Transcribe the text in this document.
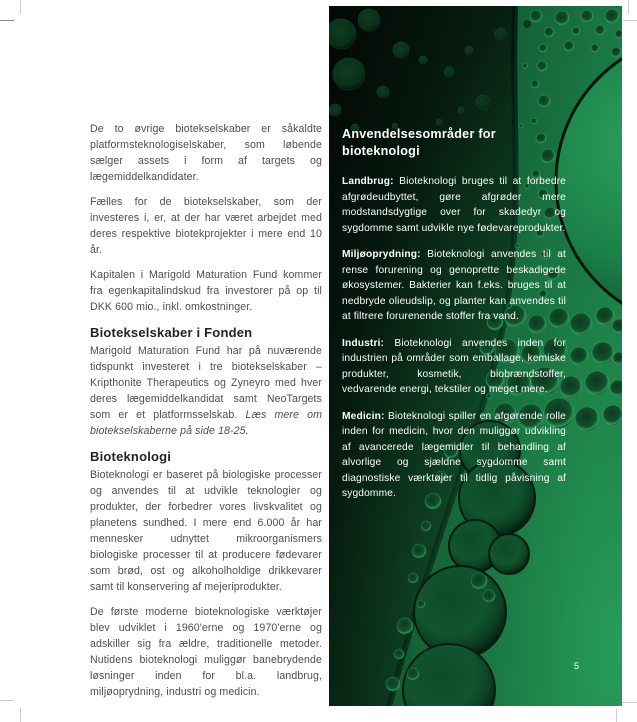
De to øvrige biotekselskaber er såkaldte platformsteknologiselskaber, som løbende sælger assets i form af targets og lægemiddelkandidater.

Fælles for de biotekselskaber, som der investeres i, er, at der har været arbejdet med deres respektive biotekprojekter i mere end 10 år.

Kapitalen i Marigold Maturation Fund kommer fra egenkapitalindskud fra investorer på op til DKK 600 mio., inkl. omkostninger.

Biotekselskaber i Fonden

Marigold Maturation Fund har på nuværende tidspunkt investeret i tre biotekselskaber – Kripthonite Therapeutics og Zyneyro med hver deres lægemiddelkandidat samt NeoTargets som er et platformsselskab. Læs mere om biotekselskaberne på side 18-25.

Bioteknologi

Bioteknologi er baseret på biologiske processer og anvendes til at udvikle teknologier og produkter, der forbedrer vores livskvalitet og planetens sundhed. I mere end 6.000 år har mennesker udnyttet mikroorganismers biologiske processer til at producere fødevarer som brød, ost og alkoholholdige drikkevarer samt til konservering af mejeriprodukter.

De første moderne bioteknologiske værktøjer blev udviklet i 1960'erne og 1970'erne og adskiller sig fra ældre, traditionelle metoder. Nutidens bioteknologi muliggør banebrydende løsninger inden for bl.a. landbrug, miljøoprydning, industri og medicin.

Anvendelsesområder for bioteknologi
Landbrug: Bioteknologi bruges til at forbedre afgrødeudbyttet, gøre afgrøder mere modstandsdygtige over for skadedyr og sygdomme samt udvikle nye fødevareprodukter.
Miljøoprydning: Bioteknologi anvendes til at rense forurening og genoprette beskadigede økosystemer. Bakterier kan f.eks. bruges til at nedbryde olieudslip, og planter kan anvendes til at filtrere forurenende stoffer fra vand.
Industri: Bioteknologi anvendes inden for industrien på områder som emballage, kemiske produkter, kosmetik, biobrændstoffer, vedvarende energi, tekstiler og meget mere.
Medicin: Bioteknologi spiller en afgørende rolle inden for medicin, hvor den muliggør udvikling af avancerede lægemidler til behandling af alvorlige og sjældne sygdomme samt diagnostiske værktøjer til tidlig påvisning af sygdomme.
5
